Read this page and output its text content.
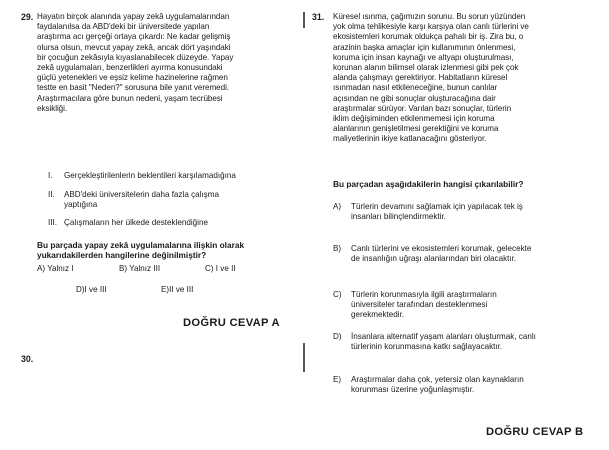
29. Hayatın birçok alanında yapay zekâ uygulamalarından
faydalanılsa da ABD'deki bir üniversitede yapılan
araştırma acı gerçeği ortaya çıkardı: Ne kadar gelişmiş
olursa olsun, mevcut yapay zekâ, ancak dört yaşındaki
bir çocuğun zekâsıyla kıyaslanabilecek düzeyde. Yapay
zekâ uygulamaları, benzerlikleri ayırma konusundaki
güçlü yetenekleri ve eşsiz kelime hazinelerine rağmen
testte en basit "Neden?" sorusuna bile yanıt veremedi.
Araştırmacılara göre bunun nedeni, yaşam tecrübesi
eksikliği.
I. Gerçekleştirilenlerin beklentileri karşılamadığına
II. ABD'deki üniversitelerin daha fazla çalışma
yaptığına
III. Çalışmaların her ülkede desteklendiğine
Bu parçada yapay zekâ uygulamalarına ilişkin olarak
yukarıdakilerden hangilerine değinilmiştir?
A) Yalnız I	B) Yalnız III	C) I ve II
D)I ve III	E)II ve III
DOĞRU CEVAP A
30.
31. Küresel ısınma, çağımızın sorunu. Bu sorun yüzünden
yok olma tehlikesiyle karşı karşıya olan canlı türlerini ve
ekosistemleri korumak oldukça pahalı bir iş. Zira bu, o
arazinin başka amaçlar için kullanımının önlenmesi,
koruma için insan kaynağı ve altyapı oluşturulması,
korunan alanın bilimsel olarak izlenmesi gibi pek çok
alanda çalışmayı gerektiriyor. Habitatların küresel
ısınmadan nasıl etkileneceğine, bunun canlılar
açısından ne gibi sonuçlar oluşturacağına dair
araştırmalar sürüyor. Varılan bazı sonuçlar, türlerin
iklim değişiminden etkilenmemesi için koruma
alanlarının genişletilmesi gerektiğini ve koruma
maliyetlerinin ikiye katlanacağını gösteriyor.
Bu parçadan aşağıdakilerin hangisi çıkarılabilir?
A) Türlerin devamını sağlamak için yapılacak tek iş
insanları bilinçlendirmektir.
B) Canlı türlerini ve ekosistemleri korumak, gelecekte
de insanlığın uğraşı alanlarından biri olacaktır.
C) Türlerin korunmasıyla ilgili araştırmaların
üniversiteler tarafından desteklenmesi
gerekmektedir.
D) İnsanlara alternatif yaşam alanları oluşturmak, canlı
türlerinin korunmasına katkı sağlayacaktır.
E) Araştırmalar daha çok, yetersiz olan kaynakların
korunması üzerine yoğunlaşmıştır.
DOĞRU CEVAP B
